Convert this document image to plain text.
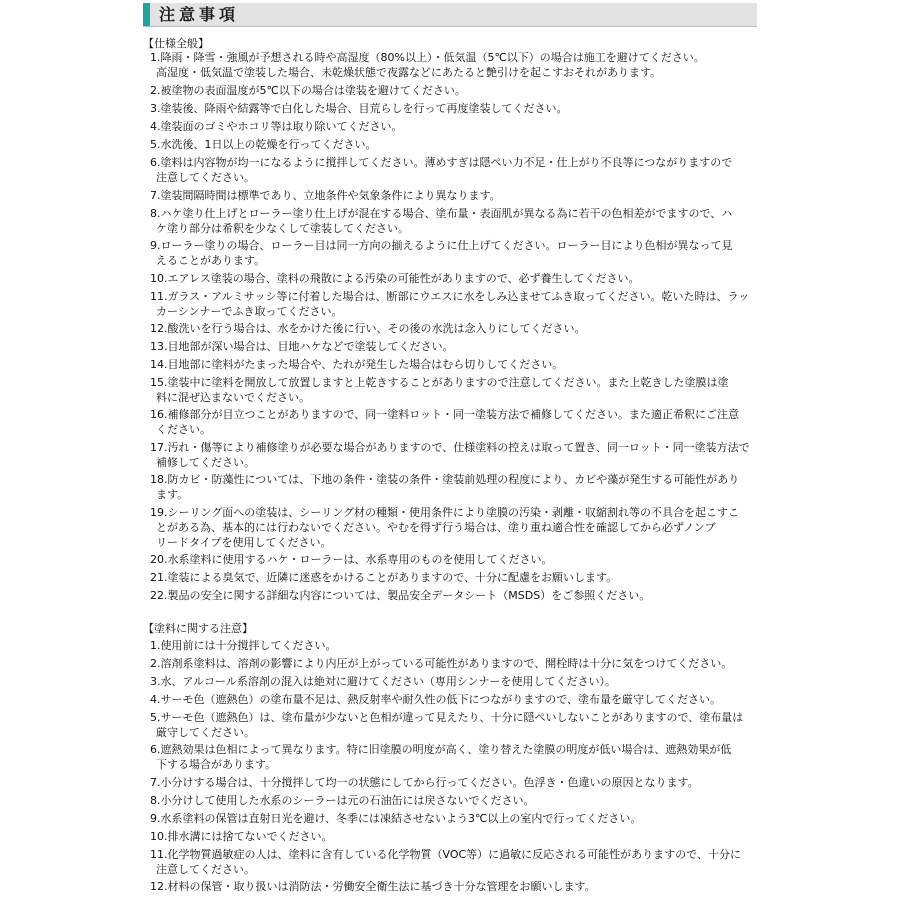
注意事項
【仕様全般】
1.降雨・降雪・強風が予想される時や高湿度（80%以上）・低気温（5℃以下）の場合は施工を避けてください。
高湿度・低気温で塗装した場合、未乾燥状態で夜露などにあたると艶引けを起こすおそれがあります。
2.被塗物の表面温度が5℃以下の場合は塗装を避けてください。
3.塗装後、降雨や結露等で白化した場合、目荒らしを行って再度塗装してください。
4.塗装面のゴミやホコリ等は取り除いてください。
5.水洗後、1日以上の乾燥を行ってください。
6.塗料は内容物が均一になるように撹拌してください。薄めすぎは隠ぺい力不足・仕上がり不良等につながりますので
注意してください。
7.塗装間隔時間は標準であり、立地条件や気象条件により異なります。
8.ハケ塗り仕上げとローラー塗り仕上げが混在する場合、塗布量・表面肌が異なる為に若干の色相差がでますので、ハ
ケ塗り部分は希釈を少なくして塗装してください。
9.ローラー塗りの場合、ローラー目は同一方向の揃えるように仕上げてください。ローラー目により色相が異なって見
えることがあります。
10.エアレス塗装の場合、塗料の飛散による汚染の可能性がありますので、必ず養生してください。
11.ガラス・アルミサッシ等に付着した場合は、断部にウエスに水をしみ込ませてふき取ってください。乾いた時は、ラッ
カーシンナーでふき取ってください。
12.酸洗いを行う場合は、水をかけた後に行い、その後の水洗は念入りにしてください。
13.目地部が深い場合は、目地ハケなどで塗装してください。
14.目地部に塗料がたまった場合や、たれが発生した場合はむら切りしてください。
15.塗装中に塗料を開放して放置しますと上乾きすることがありますので注意してください。また上乾きした塗膜は塗
料に混ぜ込まないでください。
16.補修部分が目立つことがありますので、同一塗料ロット・同一塗装方法で補修してください。また適正希釈にご注意
ください。
17.汚れ・傷等により補修塗りが必要な場合がありますので、仕様塗料の控えは取って置き、同一ロット・同一塗装方法で
補修してください。
18.防カビ・防藻性については、下地の条件・塗装の条件・塗装前処理の程度により、カビや藻が発生する可能性があり
ます。
19.シーリング面への塗装は、シーリング材の種類・使用条件により塗膜の汚染・剥離・収縮割れ等の不具合を起こすこ
とがある為、基本的には行わないでください。やむを得ず行う場合は、塗り重ね適合性を確認してから必ずノンブ
リードタイプを使用してください。
20.水系塗料に使用するハケ・ローラーは、水系専用のものを使用してください。
21.塗装による臭気で、近隣に迷惑をかけることがありますので、十分に配慮をお願いします。
22.製品の安全に関する詳細な内容については、製品安全データシート（MSDS）をご参照ください。
【塗料に関する注意】
1.使用前には十分撹拌してください。
2.溶剤系塗料は、溶剤の影響により内圧が上がっている可能性がありますので、開栓時は十分に気をつけてください。
3.水、アルコール系溶剤の混入は絶対に避けてください（専用シンナーを使用してください）。
4.サーモ色（遮熱色）の塗布量不足は、熱反射率や耐久性の低下につながりますので、塗布量を厳守してください。
5.サーモ色（遮熱色）は、塗布量が少ないと色相が違って見えたり、十分に隠ぺいしないことがありますので、塗布量は
厳守してください。
6.遮熱効果は色相によって異なります。特に旧塗膜の明度が高く、塗り替えた塗膜の明度が低い場合は、遮熱効果が低
下する場合があります。
7.小分けする場合は、十分撹拌して均一の状態にしてから行ってください。色浮き・色違いの原因となります。
8.小分けして使用した水系のシーラーは元の石油缶には戻さないでください。
9.水系塗料の保管は直射日光を避け、冬季には凍結させないよう3℃以上の室内で行ってください。
10.排水溝には捨てないでください。
11.化学物質過敏症の人は、塗料に含有している化学物質（VOC等）に過敏に反応される可能性がありますので、十分に
注意してください。
12.材料の保管・取り扱いは消防法・労働安全衛生法に基づき十分な管理をお願いします。
